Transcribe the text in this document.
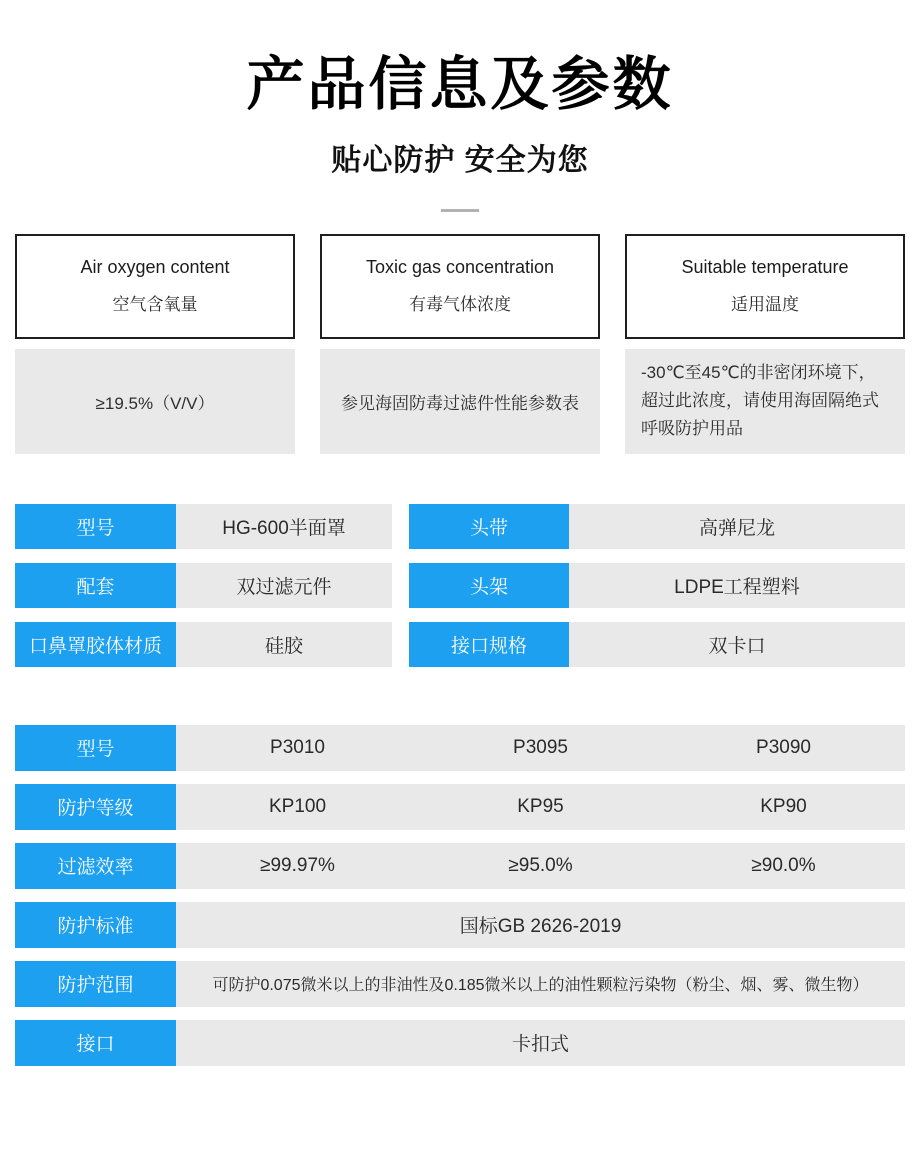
产品信息及参数
贴心防护 安全为您
Air oxygen content
空气含氧量
≥19.5%（V/V）
Toxic gas concentration
有毒气体浓度
参见海固防毒过滤件性能参数表
Suitable temperature
适用温度
-30℃至45℃的非密闭环境下，超过此浓度，请使用海固隔绝式呼吸防护用品
型号	HG-600半面罩	头带	高弹尼龙
配套	双过滤元件	头架	LDPE工程塑料
口鼻罩胶体材质	硅胶	接口规格	双卡口
型号	P3010	P3095	P3090
防护等级	KP100	KP95	KP90
过滤效率	≥99.97%	≥95.0%	≥90.0%
防护标准	国标GB 2626-2019
防护范围	可防护0.075微米以上的非油性及0.185微米以上的油性颗粒污染物（粉尘、烟、雾、微生物）
接口	卡扣式
